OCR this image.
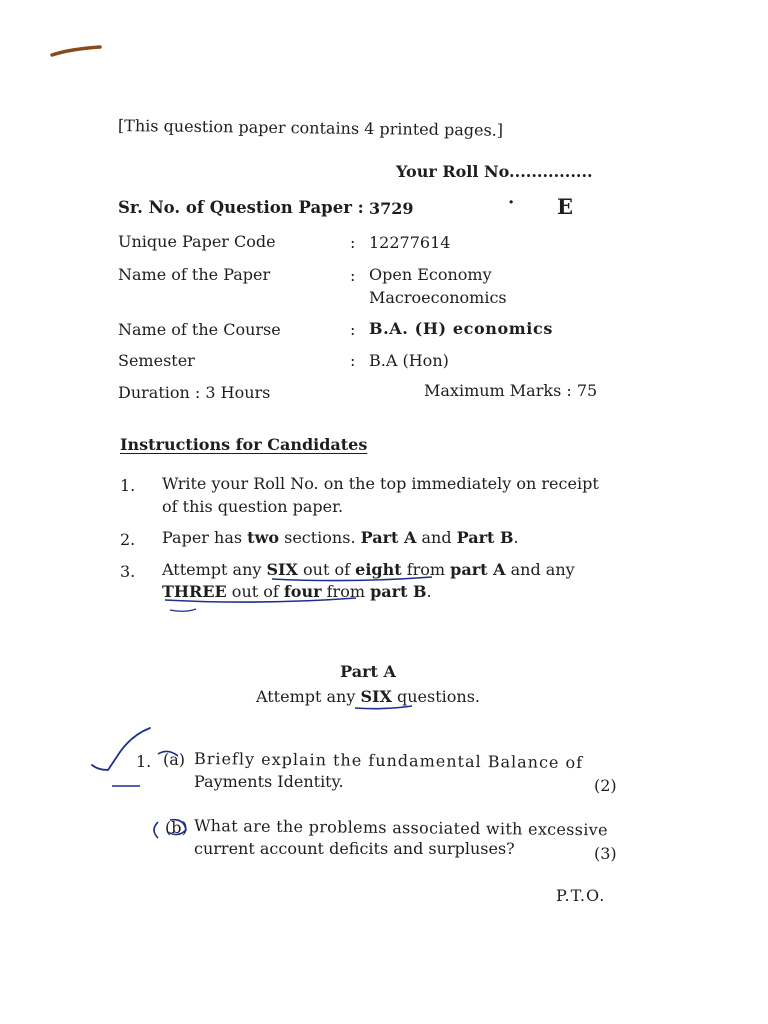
[This question paper contains 4 printed pages.]
Your Roll No...............
Sr. No. of Question Paper : 3729	· E
Unique Paper Code	: 12277614
Name of the Paper	: Open Economy
Macroeconomics
Name of the Course	: B.A. (H) economics
Semester	: B.A (Hon)
Duration : 3 Hours	Maximum Marks : 75
Instructions for Candidates
1. Write your Roll No. on the top immediately on receipt
of this question paper.
2. Paper has two sections. Part A and Part B.
3. Attempt any SIX out of eight from part A and any
THREE out of four from part B.
Part A
Attempt any SIX questions.
1. (a) Briefly explain the fundamental Balance of
Payments Identity.	(2)
(b) What are the problems associated with excessive
current account deficits and surpluses?	(3)
P.T.O.
